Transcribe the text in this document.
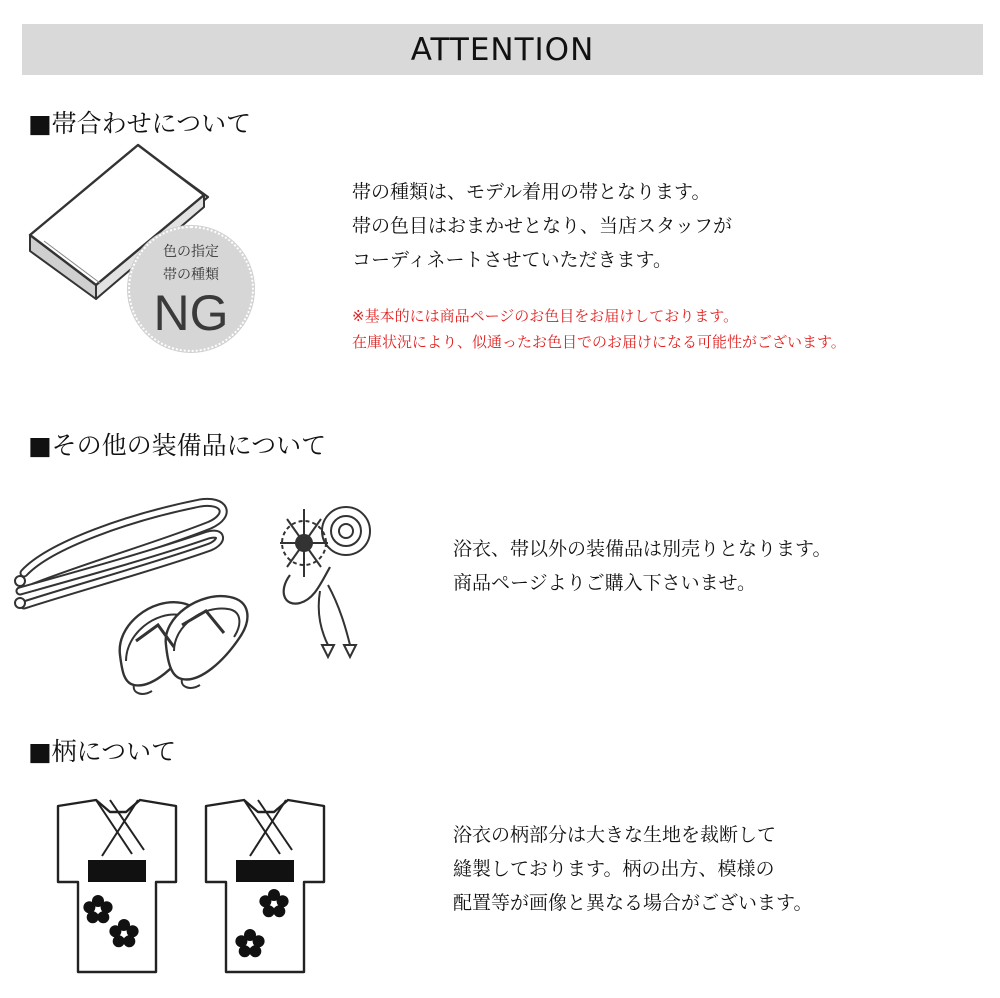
ATTENTION
■帯合わせについて
色の指定
帯の種類
NG
帯の種類は、モデル着用の帯となります。
帯の色目はおまかせとなり、当店スタッフが
コーディネートさせていただきます。
※基本的には商品ページのお色目をお届けしております。
在庫状況により、似通ったお色目でのお届けになる可能性がございます。
■その他の装備品について
浴衣、帯以外の装備品は別売りとなります。
商品ページよりご購入下さいませ。
■柄について
浴衣の柄部分は大きな生地を裁断して
縫製しております。柄の出方、模様の
配置等が画像と異なる場合がございます。
